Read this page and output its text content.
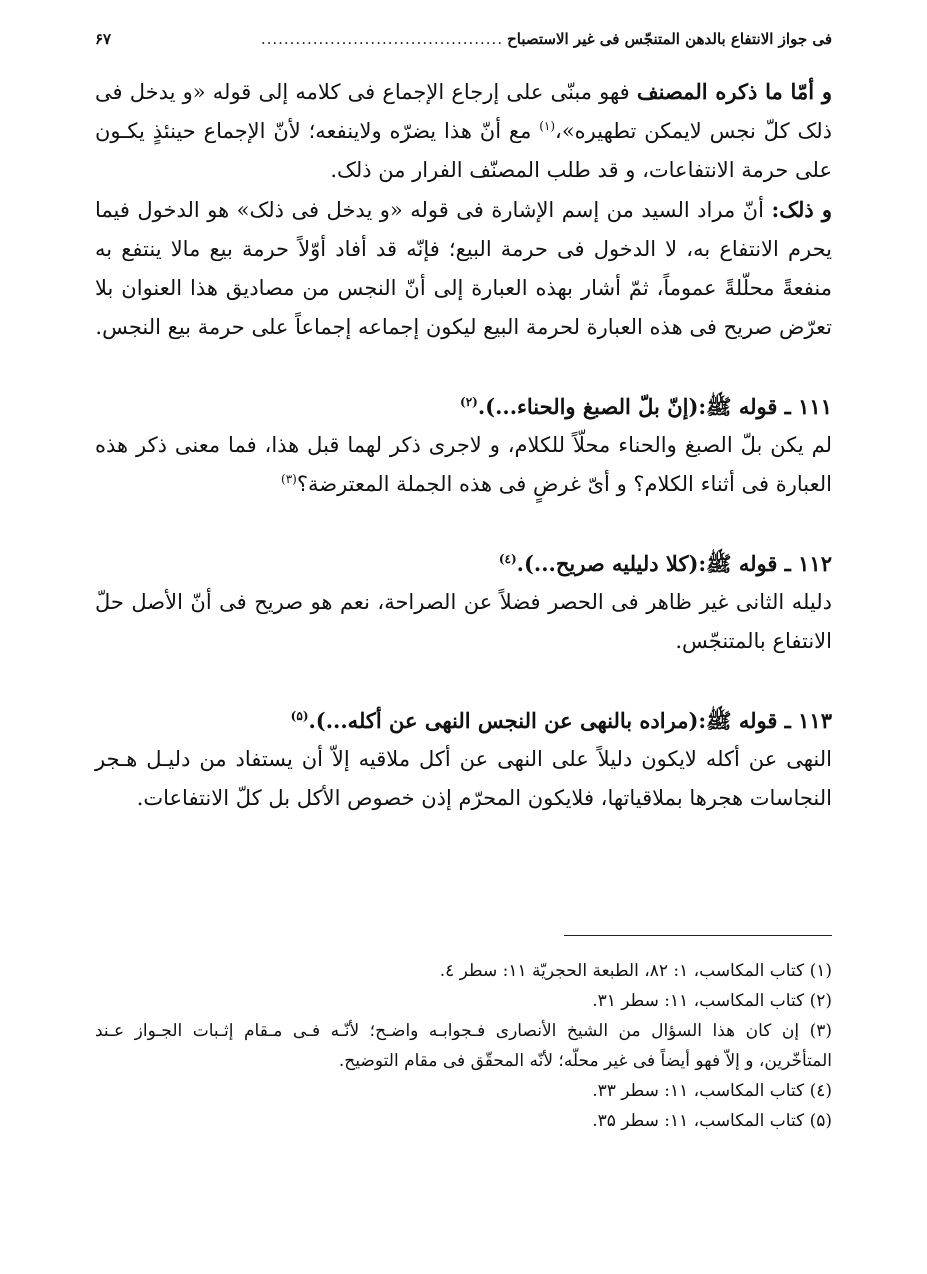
فی جواز الانتفاع بالدهن المتنجّس فی غیر الاستصباح
..........................................
۶۷

و أمّا ما ذکره المصنف فهو مبنّی علی إرجاع الإجماع فی کلامه إلی قوله «و یدخل فی ذلک کلّ نجس لایمکن تطهیره»،$^{(۱)}$ مع أنّ هذا یضرّه ولاینفعه؛ لأنّ الإجماع حینئذٍ یکـون علی حرمة الانتفاعات، و قد طلب المصنّف الفرار من ذلک.

و ذلک: أنّ مراد السید من إسم الإشارة فی قوله «و یدخل فی ذلک» هو الدخول فیما یحرم الانتفاع به، لا الدخول فی حرمة البیع؛ فإنّه قد أفاد أوّلاً حرمة بیع مالا ینتفع به منفعةً محلّلةً عموماً، ثمّ أشار بهذه العبارة إلی أنّ النجس من مصادیق هذا العنوان بلا تعرّض صریح فی هذه العبارة لحرمة البیع لیکون إجماعه إجماعاً علی حرمة بیع النجس.

۱۱۱ ـ قوله ﷺ:(إنّ بلّ الصبغ والحناء...).$^{(۲)}$

لم یکن بلّ الصبغ والحناء محلّاً للکلام، و لاجری ذکر لهما قبل هذا، فما معنی ذکر هذه العبارة فی أثناء الکلام؟ و أیّ غرضٍ فی هذه الجملة المعترضة؟$^{(۳)}$

۱۱۲ ـ قوله ﷺ:(کلا دلیلیه صریح...).$^{(٤)}$

دلیله الثانی غیر ظاهر فی الحصر فضلاً عن الصراحة، نعم هو صریح فی أنّ الأصل حلّ الانتفاع بالمتنجّس.

۱۱۳ ـ قوله ﷺ:(مراده بالنهی عن النجس النهی عن أکله...).$^{(۵)}$

النهی عن أکله لایکون دلیلاً علی النهی عن أکل ملاقیه إلاّ أن یستفاد من دلیـل هـجر النجاسات هجرها بملاقیاتها، فلایکون المحرّم إذن خصوص الأکل بل کلّ الانتفاعات.

(۱) کتاب المکاسب، ۱: ۸۲، الطبعة الحجریّة ۱۱: سطر ٤.

(۲) کتاب المکاسب، ۱۱: سطر ۳۱.

(۳) إن کان هذا السؤال من الشیخ الأنصاری فـجوابـه واضـح؛ لأنّـه فـی مـقام إثـبات الجـواز عـند المتأخّرین، و إلاّ فهو أیضاً فی غیر محلّه؛ لأنّه المحقّق فی مقام التوضیح.

(٤) کتاب المکاسب، ۱۱: سطر ۳۳.

(۵) کتاب المکاسب، ۱۱: سطر ۳۵.
